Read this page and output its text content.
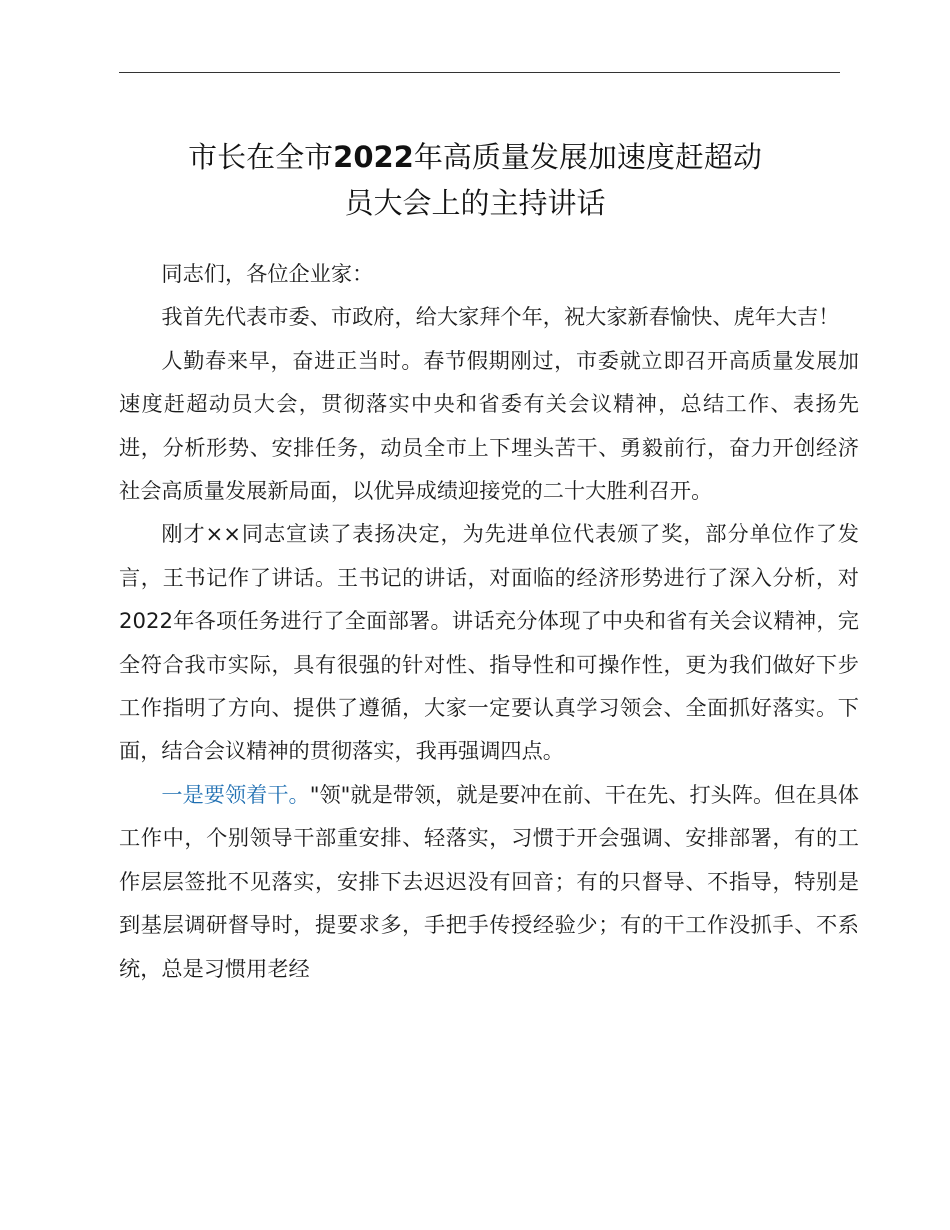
市长在全市2022年高质量发展加速度赶超动
员大会上的主持讲话

同志们，各位企业家：

我首先代表市委、市政府，给大家拜个年，祝大家新春愉快、虎年大吉！

人勤春来早，奋进正当时。春节假期刚过，市委就立即召开高质量发展加速度赶超动员大会，贯彻落实中央和省委有关会议精神，总结工作、表扬先进，分析形势、安排任务，动员全市上下埋头苦干、勇毅前行，奋力开创经济社会高质量发展新局面，以优异成绩迎接党的二十大胜利召开。

刚才××同志宣读了表扬决定，为先进单位代表颁了奖，部分单位作了发言，王书记作了讲话。王书记的讲话，对面临的经济形势进行了深入分析，对2022年各项任务进行了全面部署。讲话充分体现了中央和省有关会议精神，完全符合我市实际，具有很强的针对性、指导性和可操作性，更为我们做好下步工作指明了方向、提供了遵循，大家一定要认真学习领会、全面抓好落实。下面，结合会议精神的贯彻落实，我再强调四点。

一是要领着干。"领"就是带领，就是要冲在前、干在先、打头阵。但在具体工作中，个别领导干部重安排、轻落实，习惯于开会强调、安排部署，有的工作层层签批不见落实，安排下去迟迟没有回音；有的只督导、不指导，特别是到基层调研督导时，提要求多，手把手传授经验少；有的干工作没抓手、不系统，总是习惯用老经
